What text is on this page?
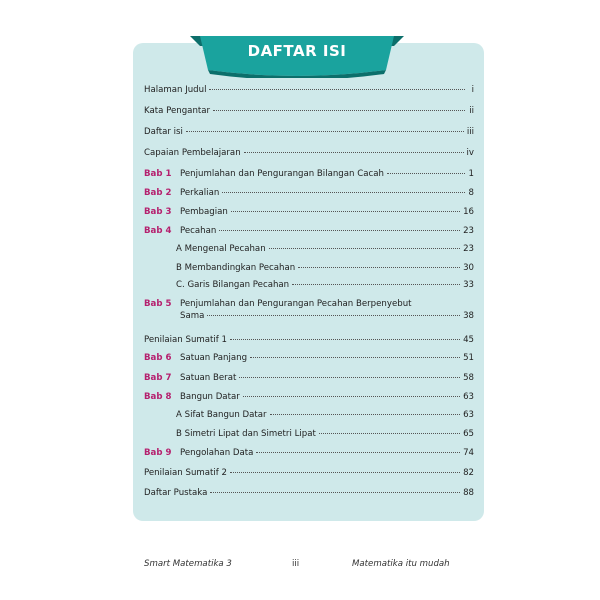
DAFTAR ISI
Halaman Judul	i
Kata Pengantar	ii
Daftar isi	iii
Capaian Pembelajaran	iv
Bab 1 Penjumlahan dan Pengurangan Bilangan Cacah	1
Bab 2 Perkalian	8
Bab 3 Pembagian	16
Bab 4 Pecahan	23
A Mengenal Pecahan	23
B Membandingkan Pecahan	30
C. Garis Bilangan Pecahan	33
Bab 5 Penjumlahan dan Pengurangan Pecahan Berpenyebut
Sama	38
Penilaian Sumatif 1	45
Bab 6 Satuan Panjang	51
Bab 7 Satuan Berat	58
Bab 8 Bangun Datar	63
A Sifat Bangun Datar	63
B Simetri Lipat dan Simetri Lipat	65
Bab 9 Pengolahan Data	74
Penilaian Sumatif 2	82
Daftar Pustaka	88
Smart Matematika 3	iii	Matematika itu mudah
